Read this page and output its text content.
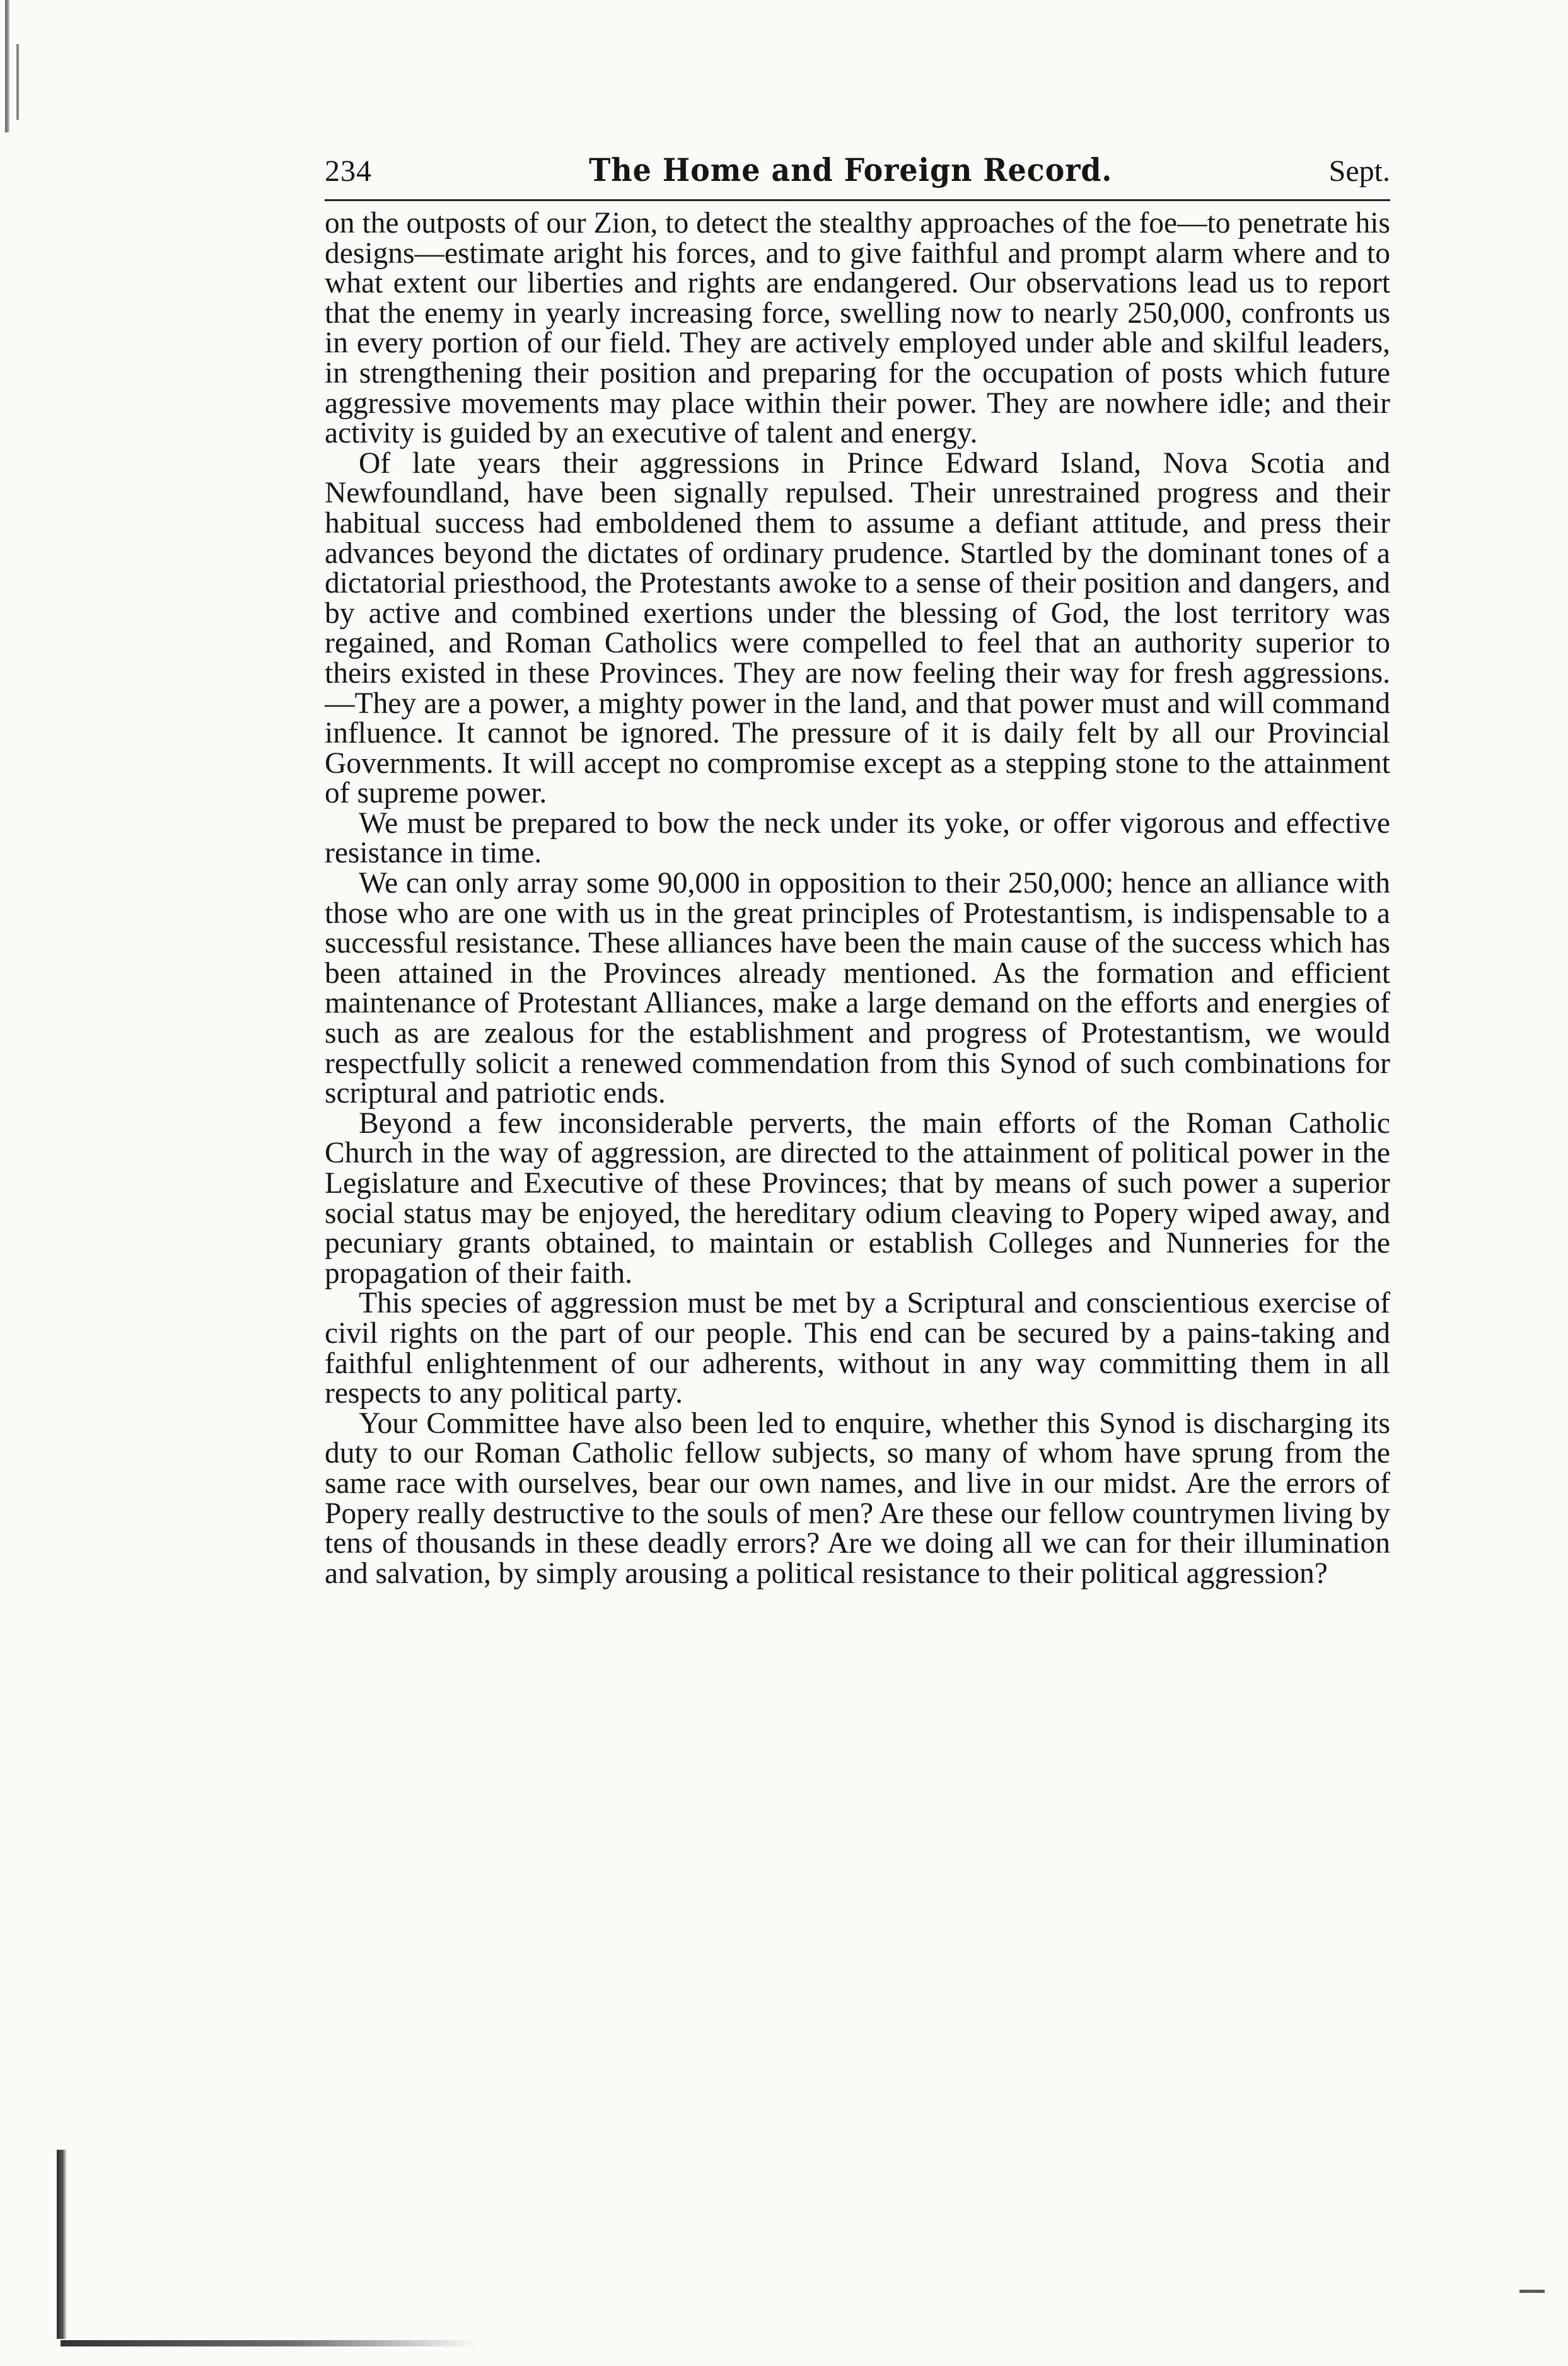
234	The Home and Foreign Record.	Sept.

on the outposts of our Zion, to detect the stealthy approaches of the foe—to penetrate his designs—estimate aright his forces, and to give faithful and prompt alarm where and to what extent our liberties and rights are endangered. Our observations lead us to report that the enemy in yearly increasing force, swelling now to nearly 250,000, confronts us in every portion of our field. They are actively employed under able and skilful leaders, in strengthening their position and preparing for the occupation of posts which future aggressive movements may place within their power. They are nowhere idle; and their activity is guided by an executive of talent and energy.

Of late years their aggressions in Prince Edward Island, Nova Scotia and Newfoundland, have been signally repulsed. Their unrestrained progress and their habitual success had emboldened them to assume a defiant attitude, and press their advances beyond the dictates of ordinary prudence. Startled by the dominant tones of a dictatorial priesthood, the Protestants awoke to a sense of their position and dangers, and by active and combined exertions under the blessing of God, the lost territory was regained, and Roman Catholics were compelled to feel that an authority superior to theirs existed in these Provinces. They are now feeling their way for fresh aggressions.—They are a power, a mighty power in the land, and that power must and will command influence. It cannot be ignored. The pressure of it is daily felt by all our Provincial Governments. It will accept no compromise except as a stepping stone to the attainment of supreme power.

We must be prepared to bow the neck under its yoke, or offer vigorous and effective resistance in time.

We can only array some 90,000 in opposition to their 250,000; hence an alliance with those who are one with us in the great principles of Protestantism, is indispensable to a successful resistance. These alliances have been the main cause of the success which has been attained in the Provinces already mentioned. As the formation and efficient maintenance of Protestant Alliances, make a large demand on the efforts and energies of such as are zealous for the establishment and progress of Protestantism, we would respectfully solicit a renewed commendation from this Synod of such combinations for scriptural and patriotic ends.

Beyond a few inconsiderable perverts, the main efforts of the Roman Catholic Church in the way of aggression, are directed to the attainment of political power in the Legislature and Executive of these Provinces; that by means of such power a superior social status may be enjoyed, the hereditary odium cleaving to Popery wiped away, and pecuniary grants obtained, to maintain or establish Colleges and Nunneries for the propagation of their faith.

This species of aggression must be met by a Scriptural and conscientious exercise of civil rights on the part of our people. This end can be secured by a pains-taking and faithful enlightenment of our adherents, without in any way committing them in all respects to any political party.

Your Committee have also been led to enquire, whether this Synod is discharging its duty to our Roman Catholic fellow subjects, so many of whom have sprung from the same race with ourselves, bear our own names, and live in our midst. Are the errors of Popery really destructive to the souls of men? Are these our fellow countrymen living by tens of thousands in these deadly errors? Are we doing all we can for their illumination and salvation, by simply arousing a political resistance to their political aggression?
